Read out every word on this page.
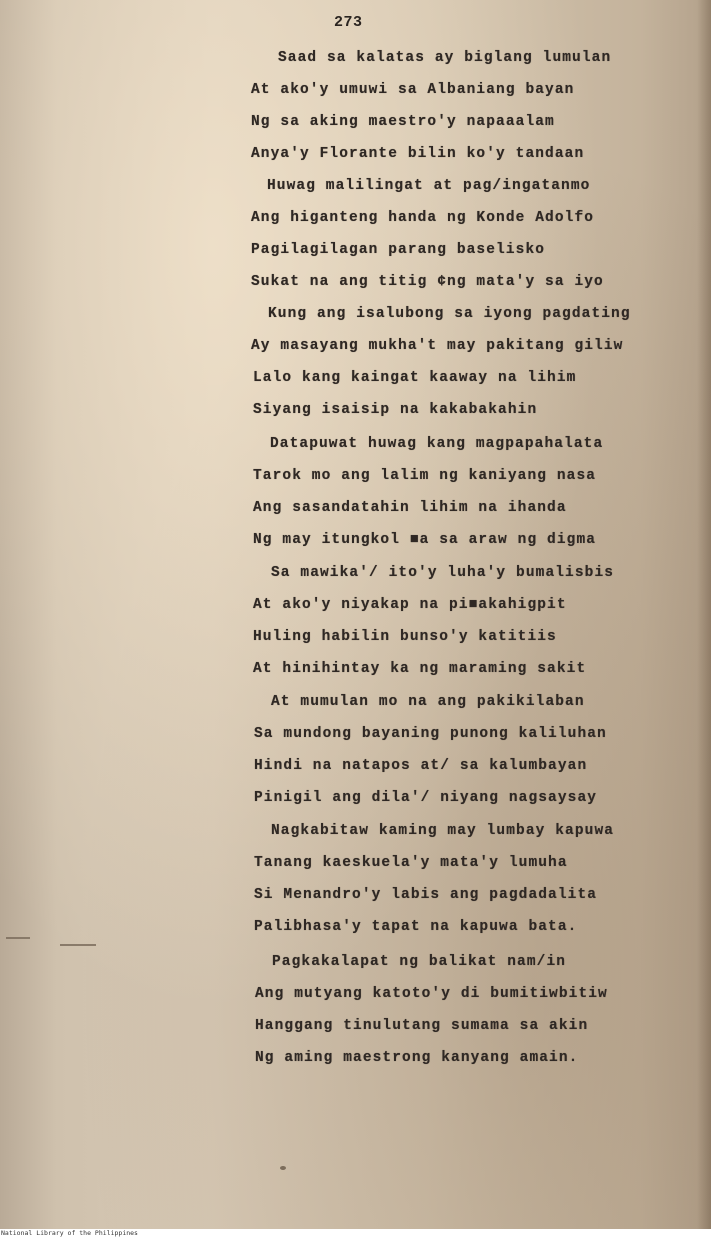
273
Saad sa kalatas ay biglang lumulan
At ako'y umuwi sa Albaniang bayan
Ng sa aking maestro'y napaaalam
Anya'y Florante bilin ko'y tandaan
Huwag malilingat at pag/ingatanmo
Ang higanteng handa ng Konde Adolfo
Pagilagilagan parang baselisko
Sukat na ang titig ¢ng mata'y sa iyo
Kung ang isalubong sa iyong pagdating
Ay masayang mukha't may pakitang giliw
Lalo kang kaingat kaaway na lihim
Siyang isaisip na kakabakahin
Datapuwat huwag kang magpapahalata
Tarok mo ang lalim ng kaniyang nasa
Ang sasandatahin lihim na ihanda
Ng may itungkol ■a sa araw ng digma
Sa mawika'/ ito'y luha'y bumalisbis
At ako'y niyakap na pi■akahigpit
Huling habilin bunso'y katitiis
At hinihintay ka ng maraming sakit
At mumulan mo na ang pakikilaban
Sa mundong bayaning punong kaliluhan
Hindi na natapos at/ sa kalumbayan
Pinigil ang dila'/ niyang nagsaysay
Nagkabitaw kaming may lumbay kapuwa
Tanang kaeskuela'y mata'y lumuha
Si Menandro'y labis ang pagdadalita
Palibhasa'y tapat na kapuwa bata.
Pagkakalapat ng balikat nam/in
Ang mutyang katoto'y di bumitiwbitiw
Hanggang tinulutang sumama sa akin
Ng aming maestrong kanyang amain.
National Library of the Philippines
